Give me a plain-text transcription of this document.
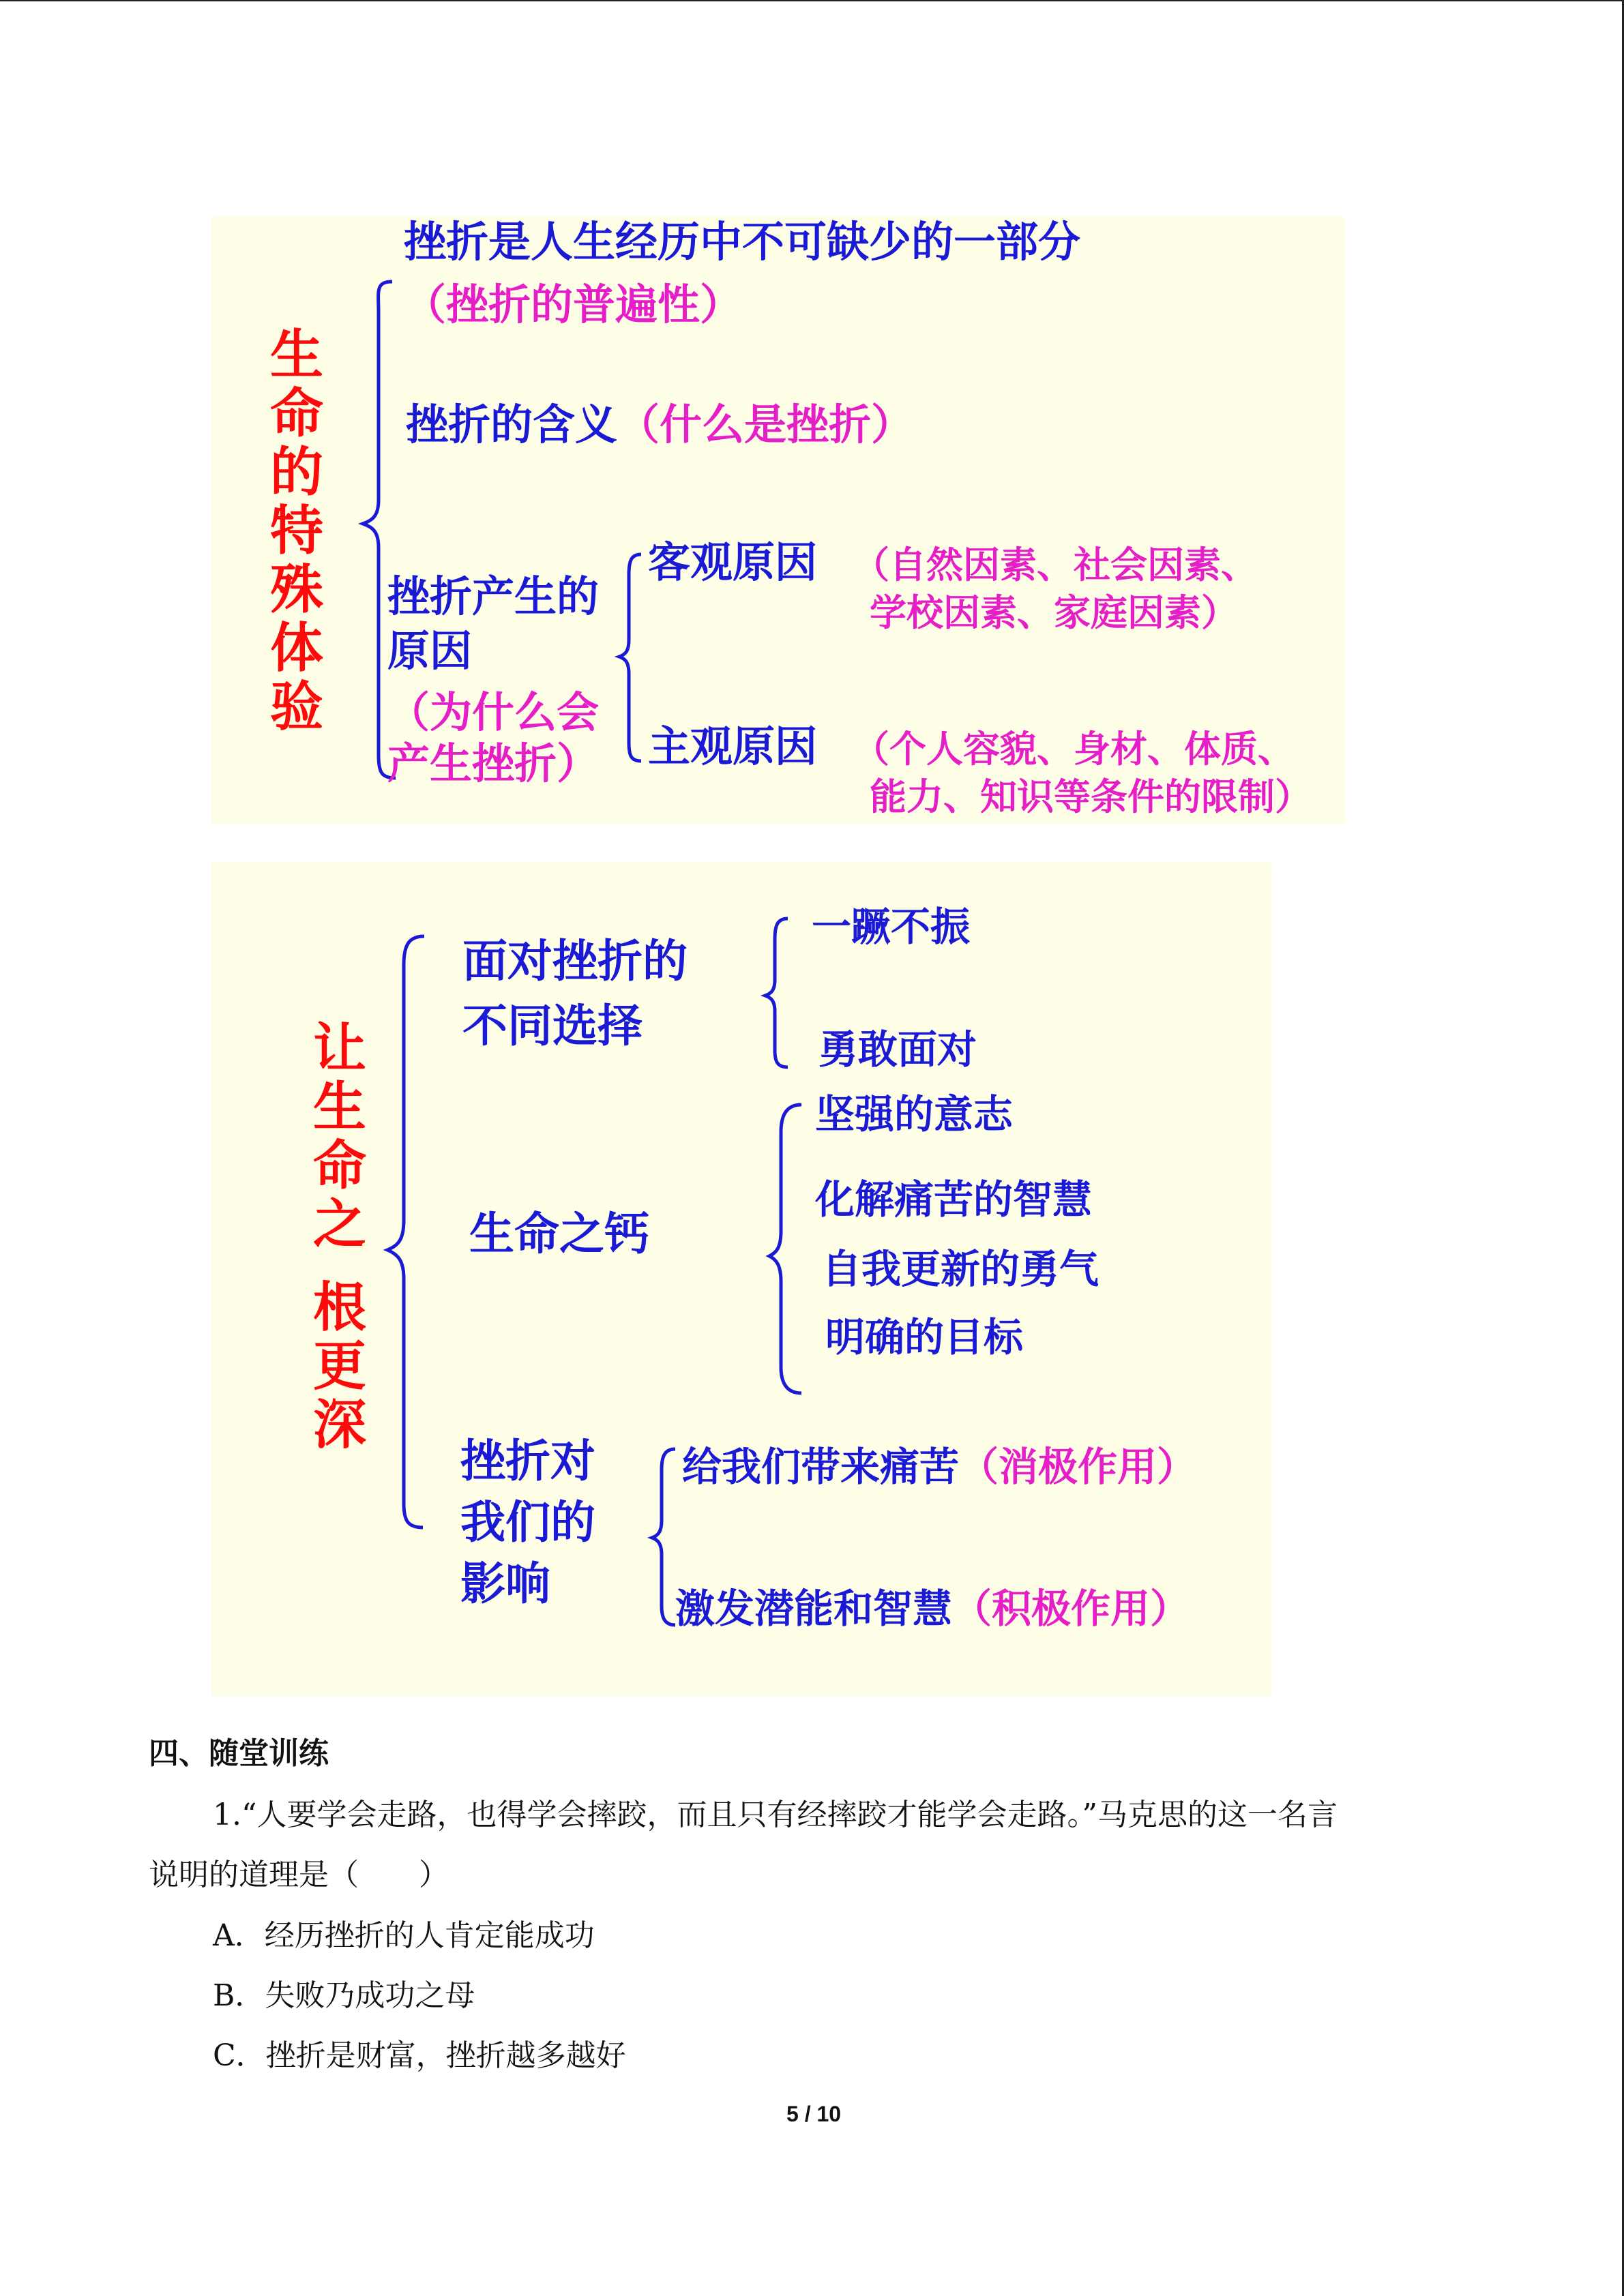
生
命
的
特
殊
体
验
挫折是人生经历中不可缺少的一部分
（挫折的普遍性）
挫折的含义（什么是挫折）
挫折产生的
原因
（为什么会
产生挫折）
客观原因 （自然因素、社会因素、
学校因素、家庭因素）
主观原因 （个人容貌、身材、体质、
能力、知识等条件的限制）
让
生
命
之
根
更
深
面对挫折的
不同选择
一蹶不振
勇敢面对
生命之钙
坚强的意志
化解痛苦的智慧
自我更新的勇气
明确的目标
挫折对
我们的
影响
给我们带来痛苦（消极作用）
激发潜能和智慧（积极作用）
四、随堂训练
1.“人要学会走路，也得学会摔跤，而且只有经摔跤才能学会走路。”马克思的这一名言
说明的道理是（　　）
A．经历挫折的人肯定能成功
B．失败乃成功之母
C．挫折是财富，挫折越多越好
5 / 10
